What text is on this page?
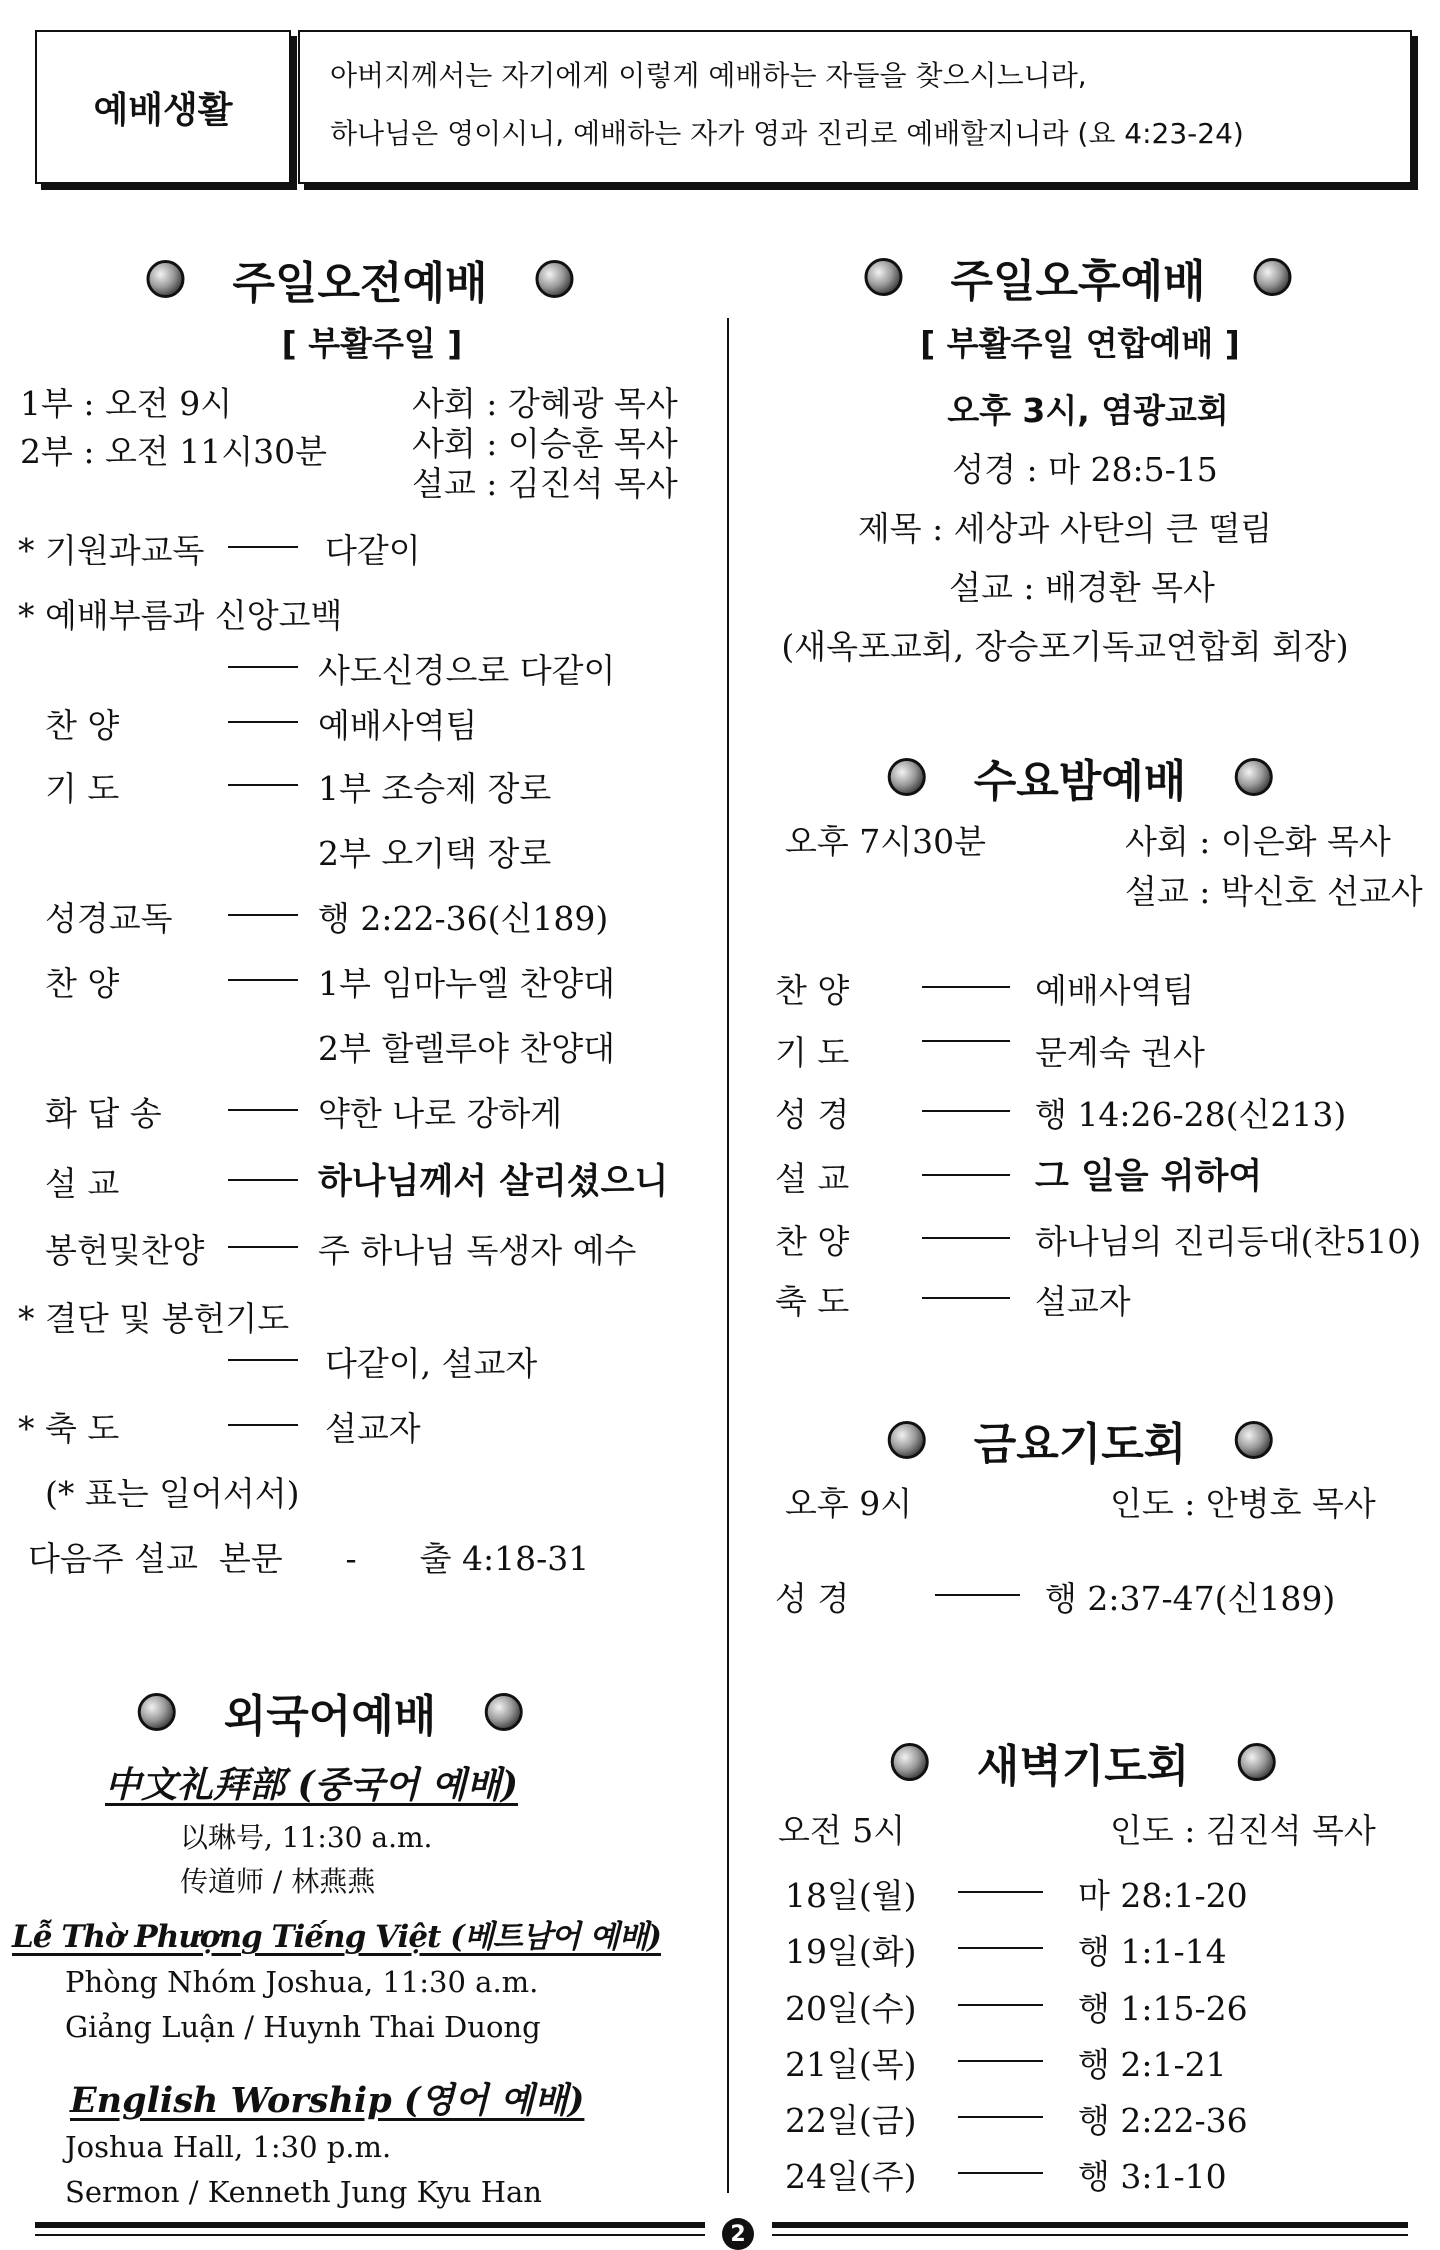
예배생활
아버지께서는 자기에게 이렇게 예배하는 자들을 찾으시느니라,
하나님은 영이시니, 예배하는 자가 영과 진리로 예배할지니라 (요 4:23-24)
주일오전예배
[ 부활주일 ]
1부 : 오전 9시
2부 : 오전 11시30분
사회 : 강혜광 목사
사회 : 이승훈 목사
설교 : 김진석 목사
* 기원과교독	다같이
* 예배부름과 신앙고백
사도신경으로 다같이
찬 양	예배사역팀
기 도	1부 조승제 장로
2부 오기택 장로
성경교독	행 2:22-36(신189)
찬 양	1부 임마누엘 찬양대
2부 할렐루야 찬양대
화 답 송	약한 나로 강하게
설 교	하나님께서 살리셨으니
봉헌및찬양	주 하나님 독생자 예수
* 결단 및 봉헌기도
다같이, 설교자
* 축 도	설교자
(* 표는 일어서서)
다음주 설교  본문      -      출 4:18-31
외국어예배
中文礼拜部 (중국어 예배)
以琳号, 11:30 a.m.
传道师 / 林燕燕
Lễ Thờ Phượng Tiếng Việt (베트남어 예배)
Phòng Nhóm Joshua, 11:30 a.m.
Giảng Luận / Huynh Thai Duong
English Worship (영어 예배)
Joshua Hall, 1:30 p.m.
Sermon / Kenneth Jung Kyu Han
주일오후예배
[ 부활주일 연합예배 ]
오후 3시, 염광교회
성경 : 마 28:5-15
제목 : 세상과 사탄의 큰 떨림
설교 : 배경환 목사
(새옥포교회, 장승포기독교연합회 회장)
수요밤예배
오후 7시30분	사회 : 이은화 목사
설교 : 박신호 선교사
찬 양	예배사역팀
기 도	문계숙 권사
성 경	행 14:26-28(신213)
설 교	그 일을 위하여
찬 양	하나님의 진리등대(찬510)
축 도	설교자
금요기도회
오후 9시	인도 : 안병호 목사
성 경	행 2:37-47(신189)
새벽기도회
오전 5시	인도 : 김진석 목사
18일(월)	마 28:1-20
19일(화)	행 1:1-14
20일(수)	행 1:15-26
21일(목)	행 2:1-21
22일(금)	행 2:22-36
24일(주)	행 3:1-10
2
